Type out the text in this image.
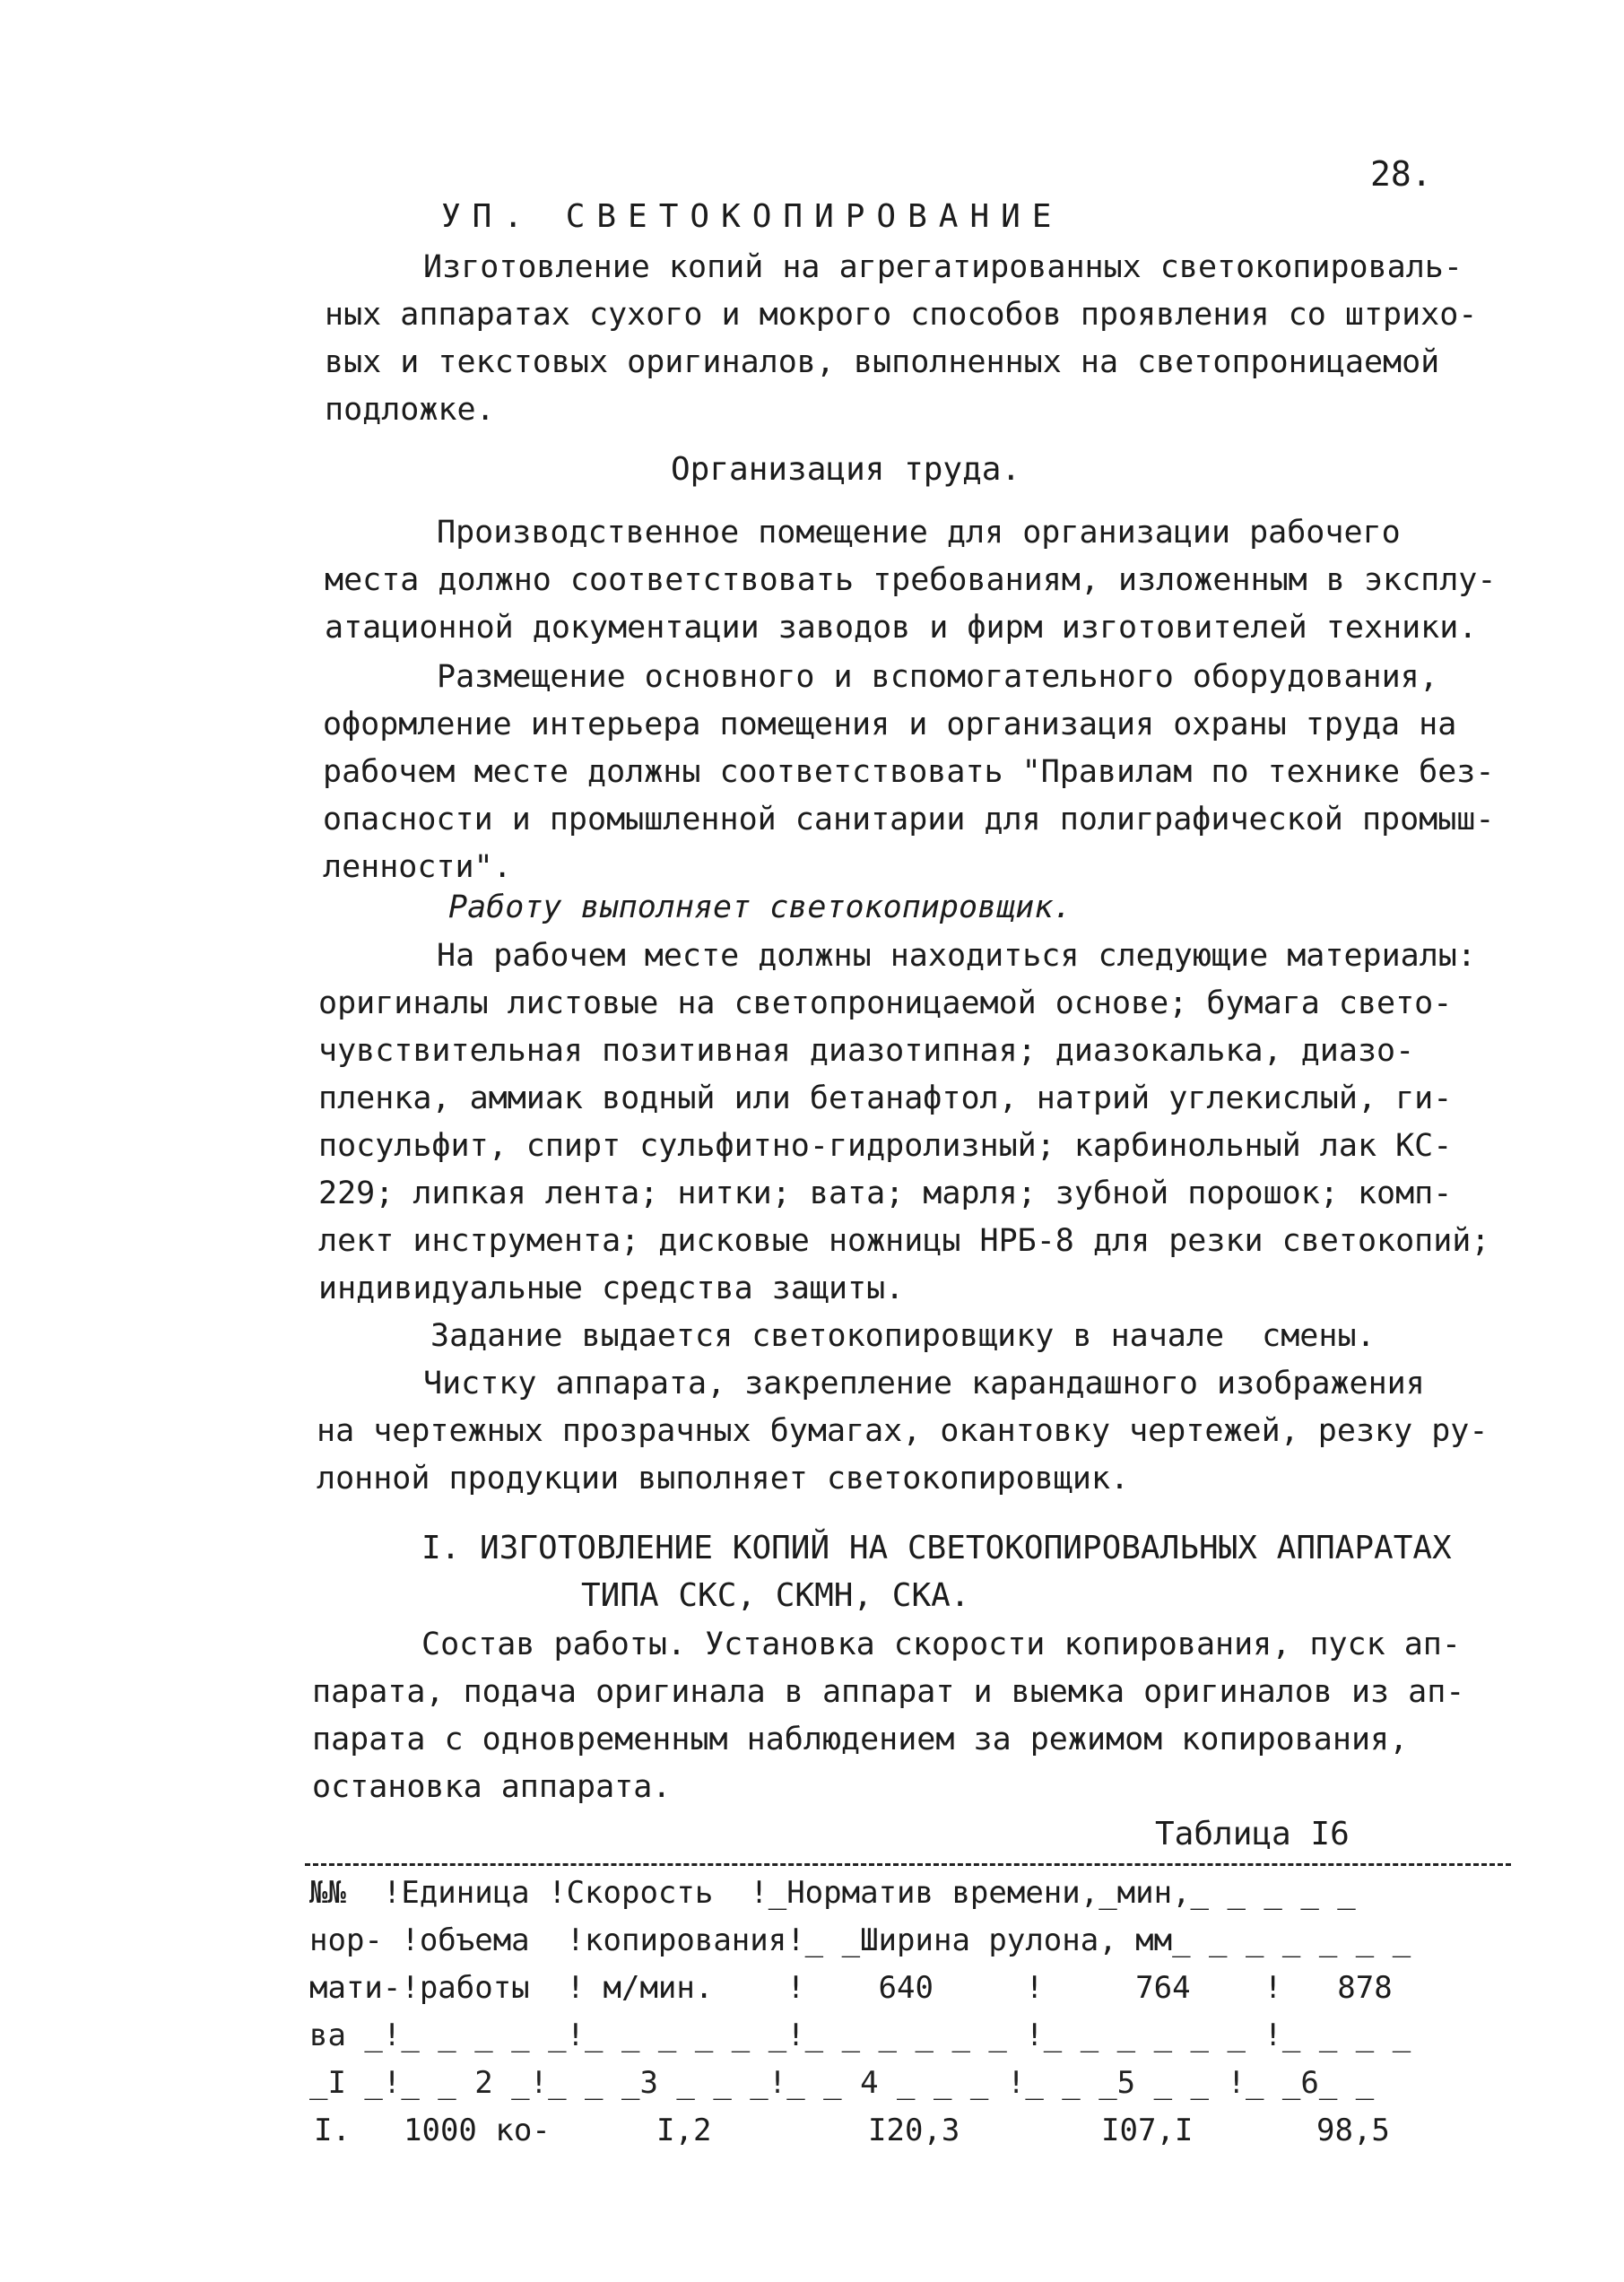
28.

УП. СВЕТОКОПИРОВАНИЕ

Изготовление копий на агрегатированных светокопироваль-

ных аппаратах сухого и мокрого способов проявления со штрихо-

вых и текстовых оригиналов, выполненных на светопроницаемой

подложке.

Организация труда.

Производственное помещение для организации рабочего

места должно соответствовать требованиям, изложенным в эксплу-

атационной документации заводов и фирм изготовителей техники.

Размещение основного и вспомогательного оборудования,

оформление интерьера помещения и организация охраны труда на

рабочем месте должны соответствовать "Правилам по технике без-

опасности и промышленной санитарии для полиграфической промыш-

ленности".

Работу выполняет светокопировщик.

На рабочем месте должны находиться следующие материалы:

оригиналы листовые на светопроницаемой основе; бумага свето-

чувствительная позитивная диазотипная; диазокалька, диазо-

пленка, аммиак водный или бетанафтол, натрий углекислый, ги-

посульфит, спирт сульфитно-гидролизный; карбинольный лак КС-

229; липкая лента; нитки; вата; марля; зубной порошок; комп-

лект инструмента; дисковые ножницы НРБ-8 для резки светокопий;

индивидуальные средства защиты.

Задание выдается светокопировщику в начале  смены.

Чистку аппарата, закрепление карандашного изображения

на чертежных прозрачных бумагах, окантовку чертежей, резку ру-

лонной продукции выполняет светокопировщик.

I. ИЗГОТОВЛЕНИЕ КОПИЙ НА СВЕТОКОПИРОВАЛЬНЫХ АППАРАТАХ

ТИПА СКС, СКМН, СКА.

Состав работы. Установка скорости копирования, пуск ап-

парата, подача оригинала в аппарат и выемка оригиналов из ап-

парата с одновременным наблюдением за режимом копирования,

остановка аппарата.

Таблица I6

№№  !Единица !Скорость  !_Норматив времени,_мин,_ _ _ _ _

нор- !объема  !копирования!_ _Ширина рулона, мм_ _ _ _ _ _ _

мати-!работы  ! м/мин.    !    640     !     764    !   878

ва _!_ _ _ _ _!_ _ _ _ _ _!_ _ _ _ _ _ !_ _ _ _ _ _ !_ _ _ _

_I _!_ _ 2 _!_ _ _3 _ _ _!_ _ 4 _ _ _ !_ _ _5 _ _ !_ _6_ _

I. 1000 ко-	I,2	I20,3	I07,I	98,5
